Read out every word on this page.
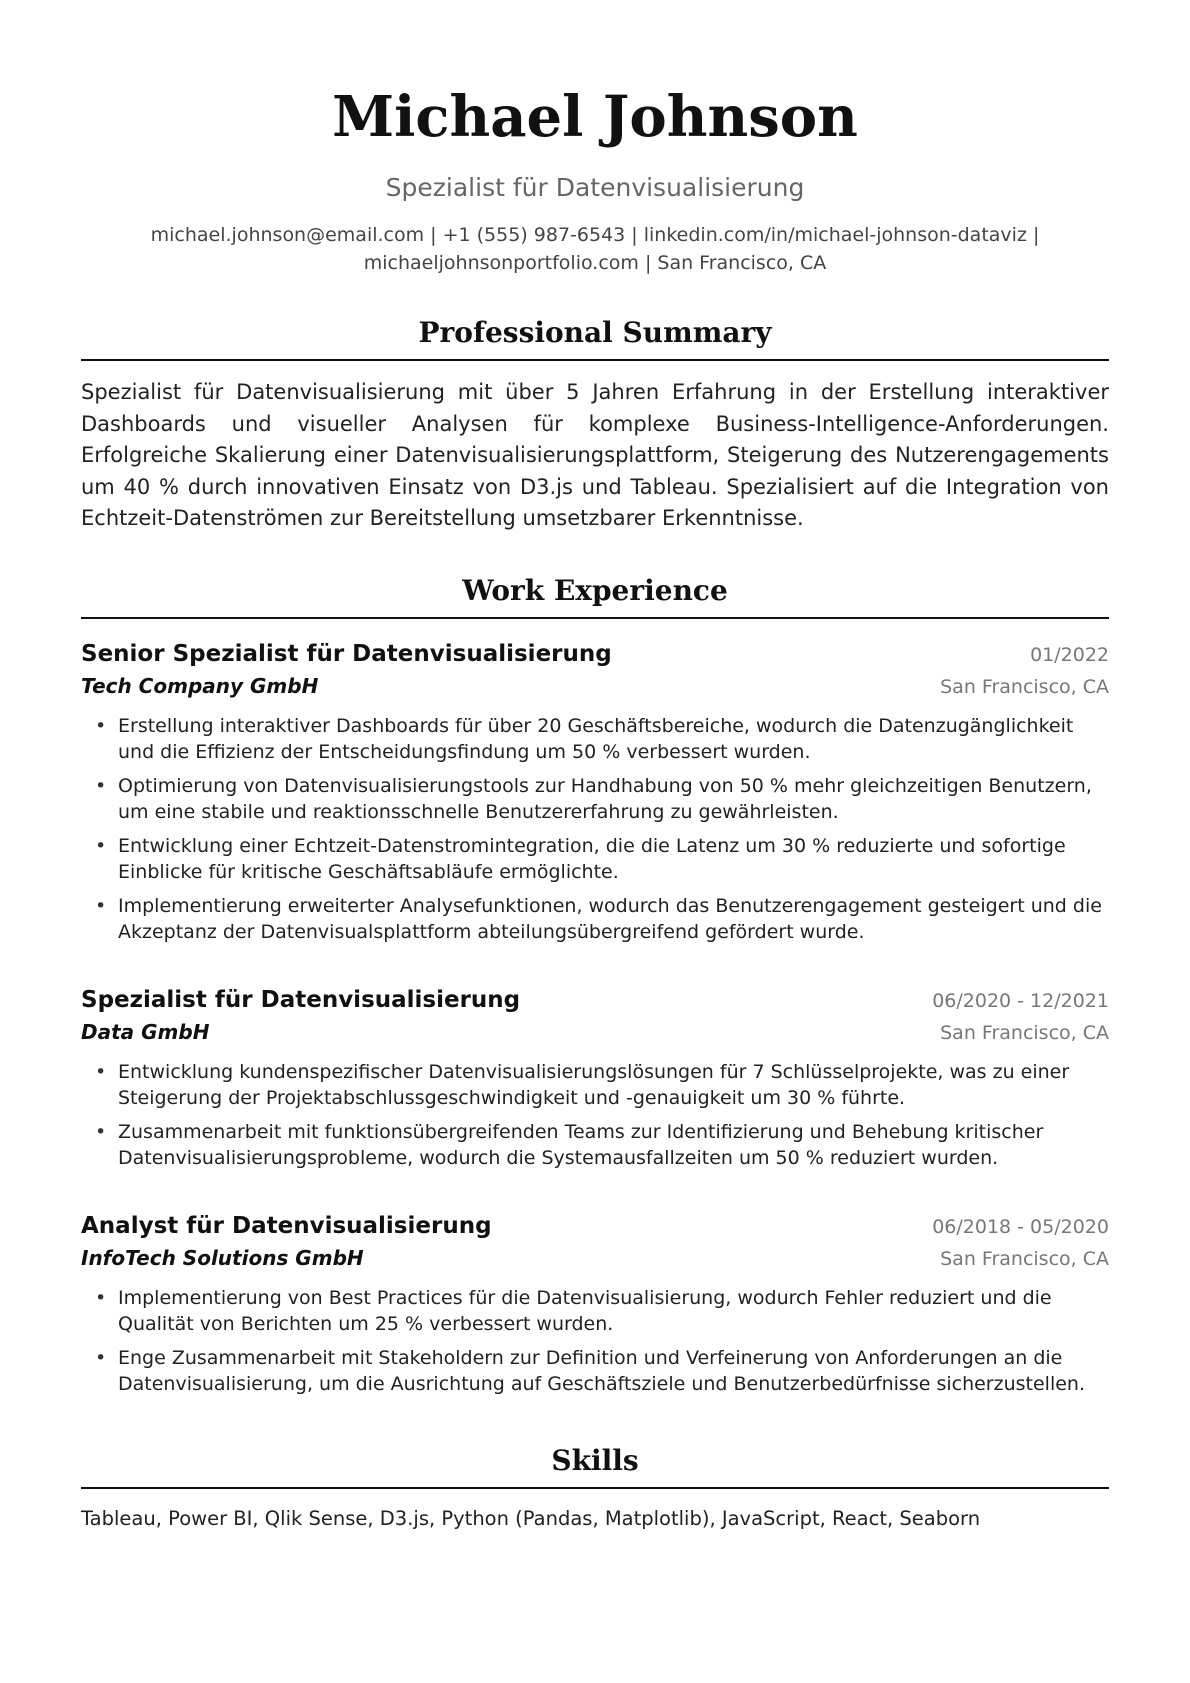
Michael Johnson
Spezialist für Datenvisualisierung
michael.johnson@email.com | +1 (555) 987-6543 | linkedin.com/in/michael-johnson-dataviz |
michaeljohnsonportfolio.com | San Francisco, CA
Professional Summary

Spezialist für Datenvisualisierung mit über 5 Jahren Erfahrung in der Erstellung interaktiver Dashboards und visueller Analysen für komplexe Business-Intelligence-Anforderungen. Erfolgreiche Skalierung einer Datenvisualisierungsplattform, Steigerung des Nutzerengagements um 40 % durch innovativen Einsatz von D3.js und Tableau. Spezialisiert auf die Integration von Echtzeit-Datenströmen zur Bereitstellung umsetzbarer Erkenntnisse.

Work Experience
Senior Spezialist für Datenvisualisierung	01/2022
Tech Company GmbH	San Francisco, CA
• Erstellung interaktiver Dashboards für über 20 Geschäftsbereiche, wodurch die Datenzugänglichkeit und die Effizienz der Entscheidungsfindung um 50 % verbessert wurden.
• Optimierung von Datenvisualisierungstools zur Handhabung von 50 % mehr gleichzeitigen Benutzern, um eine stabile und reaktionsschnelle Benutzererfahrung zu gewährleisten.
• Entwicklung einer Echtzeit-Datenstromintegration, die die Latenz um 30 % reduzierte und sofortige Einblicke für kritische Geschäftsabläufe ermöglichte.
• Implementierung erweiterter Analysefunktionen, wodurch das Benutzerengagement gesteigert und die Akzeptanz der Datenvisualsplattform abteilungsübergreifend gefördert wurde.
Spezialist für Datenvisualisierung	06/2020 - 12/2021
Data GmbH	San Francisco, CA
• Entwicklung kundenspezifischer Datenvisualisierungslösungen für 7 Schlüsselprojekte, was zu einer Steigerung der Projektabschlussgeschwindigkeit und -genauigkeit um 30 % führte.
• Zusammenarbeit mit funktionsübergreifenden Teams zur Identifizierung und Behebung kritischer Datenvisualisierungsprobleme, wodurch die Systemausfallzeiten um 50 % reduziert wurden.
Analyst für Datenvisualisierung	06/2018 - 05/2020
InfoTech Solutions GmbH	San Francisco, CA
• Implementierung von Best Practices für die Datenvisualisierung, wodurch Fehler reduziert und die Qualität von Berichten um 25 % verbessert wurden.
• Enge Zusammenarbeit mit Stakeholdern zur Definition und Verfeinerung von Anforderungen an die Datenvisualisierung, um die Ausrichtung auf Geschäftsziele und Benutzerbedürfnisse sicherzustellen.
Skills
Tableau, Power BI, Qlik Sense, D3.js, Python (Pandas, Matplotlib), JavaScript, React, Seaborn
